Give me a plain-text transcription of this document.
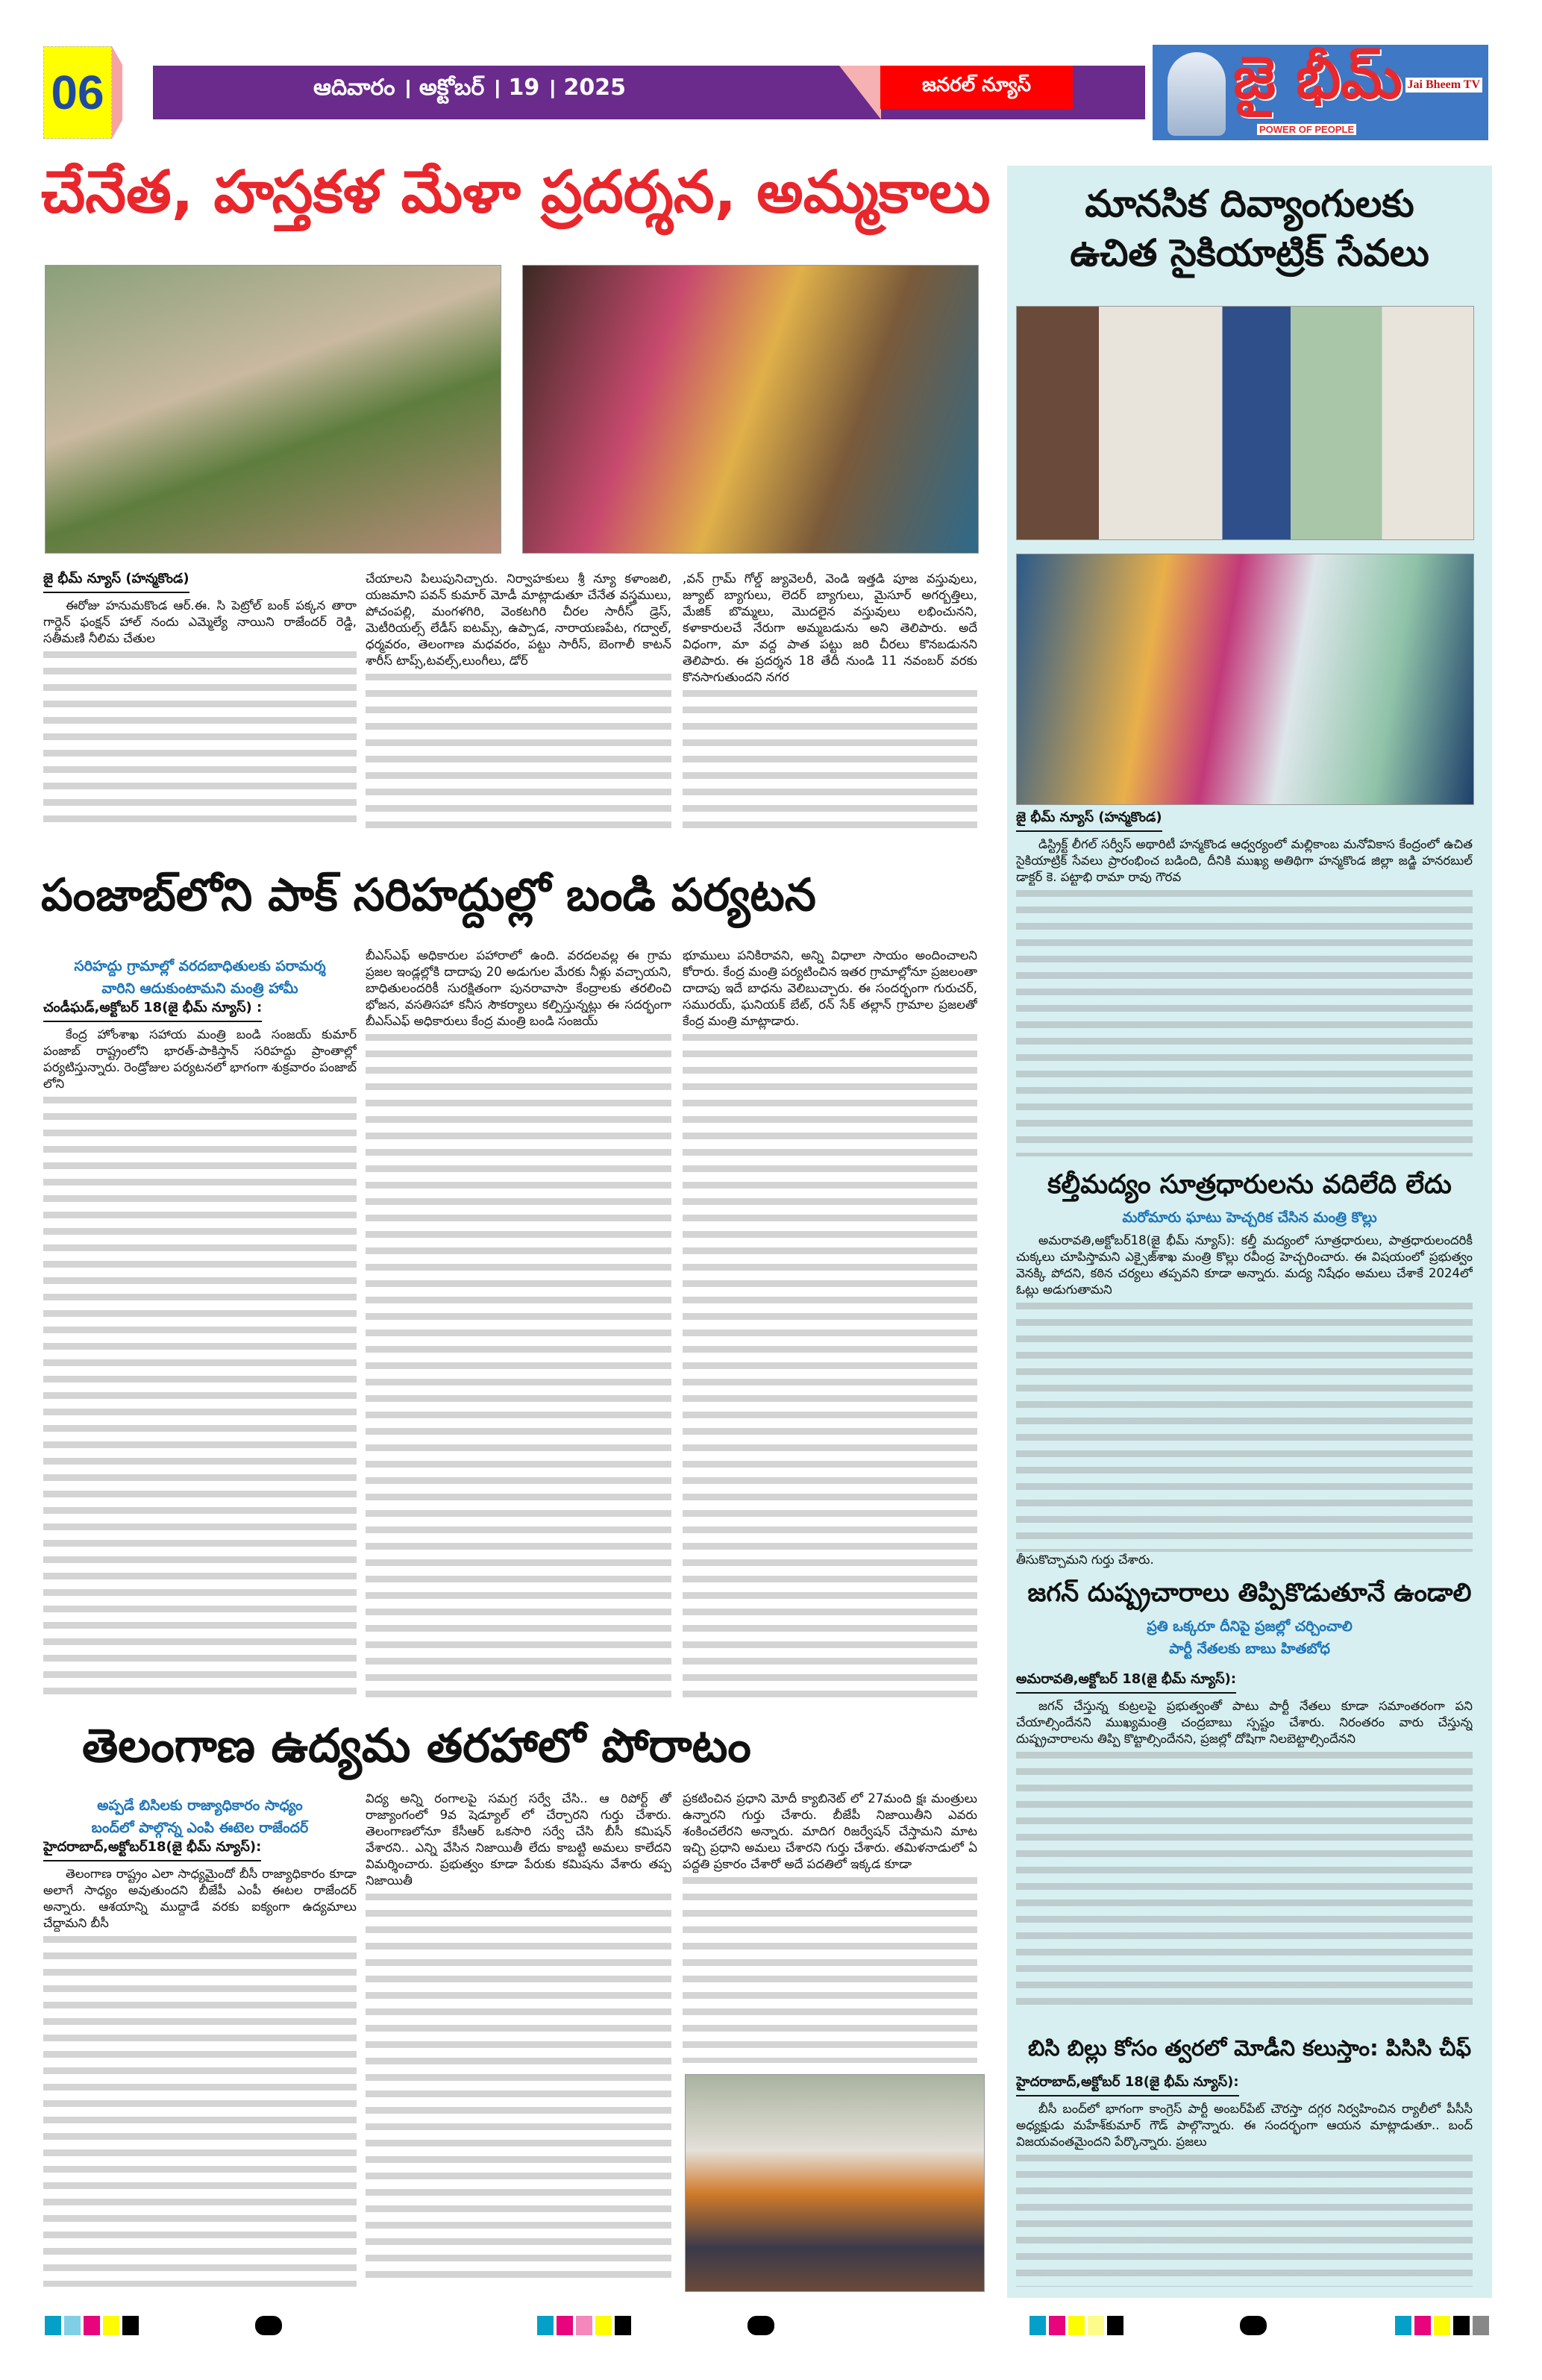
06	ఆదివారం । అక్టోబర్ । 19 । 2025	జనరల్ న్యూస్	జై భీమ్
POWER OF PEOPLE
Jai Bheem TV
చేనేత, హస్తకళ మేళా ప్రదర్శన, అమ్మకాలు
జై భీమ్ న్యూస్ (హన్మకొండ)

ఈరోజు హనుమకొండ ఆర్.ఈ. సి పెట్రోల్ బంక్ పక్కన తారా గార్డెన్ ఫంక్షన్ హాల్ నందు ఎమ్మెల్యే నాయిని రాజేందర్ రెడ్డి, సతీమణి నీలిమ చేతుల

చేయాలని పిలుపునిచ్చారు. నిర్వాహకులు శ్రీ న్యూ కళాంజలి, యజమాని పవన్ కుమార్ మోడీ మాట్లాడుతూ చేనేత వస్త్రములు, పోచంపల్లి, మంగళగిరి, వెంకటగిరి చీరల సారీస్ డ్రెస్, మెటీరియల్స్ లేడీస్ ఐటమ్స్, ఉప్పాడ, నారాయణపేట, గద్వాల్, ధర్మవరం, తెలంగాణ మధవరం, పట్టు సారీస్, బెంగాలీ కాటన్ శారీస్ టాప్స్,టవల్స్,లుంగీలు, డోర్

,వన్ గ్రామ్ గోల్డ్ జ్యువెలరీ, వెండి ఇత్తడి పూజ వస్తువులు, జ్యూట్ బ్యాగులు, లెదర్ బ్యాగులు, మైసూర్ అగర్బత్తిలు, మేజిక్ బొమ్మలు, మొదలైన వస్తువులు లభించునని, కళాకారులచే నేరుగా అమ్మబడును అని తెలిపారు. అదే విధంగా, మా వద్ద పాత పట్టు జరి చీరలు కొనబడునని తెలిపారు. ఈ ప్రదర్శన 18 తేదీ నుండి 11 నవంబర్ వరకు కొనసాగుతుందని నగర

పంజాబ్‌లోని పాక్ సరిహద్దుల్లో బండి పర్యటన
సరిహద్దు గ్రామాల్లో వరదబాధితులకు పరామర్శ
వారిని ఆదుకుంటామని మంత్రి హామీ
చండీఘడ్,అక్టోబర్ 18(జై భీమ్ న్యూస్) :

కేంద్ర హోంశాఖ సహాయ మంత్రి బండి సంజయ్ కుమార్ పంజాబ్ రాష్ట్రంలోని భారత్-పాకిస్తాన్ సరిహద్దు ప్రాంతాల్లో పర్యటిస్తున్నారు. రెండ్రోజుల పర్యటనలో భాగంగా శుక్రవారం పంజాబ్ లోని

బీఎస్ఎఫ్ అధికారుల పహారాలో ఉంది. వరదలవల్ల ఈ గ్రామ ప్రజల ఇండ్లల్లోకి దాదాపు 20 అడుగుల మేరకు నీళ్లు వచ్చాయని, బాధితులందరికీ సురక్షితంగా పునరావాసా కేంద్రాలకు తరలించి భోజన, వసతిసహా కనీస సౌకర్యాలు కల్పిస్తున్నట్లు ఈ సదర్భంగా బీఎస్ఎఫ్ అధికారులు కేంద్ర మంత్రి బండి సంజయ్

భూములు పనికిరావని, అన్ని విధాలా సాయం అందించాలని కోరారు. కేంద్ర మంత్రి పర్యటించిన ఇతర గ్రామాల్లోనూ ప్రజలంతా దాదాపు ఇదే బాధను వెలిబుచ్చారు. ఈ సందర్భంగా గురుచర్, సమురయ్, ఘనియక్ బేట్, రన్ సేక్ తల్లాన్ గ్రామాల ప్రజలతో కేంద్ర మంత్రి మాట్లాడారు.

తెలంగాణ ఉద్యమ తరహాలో పోరాటం
అప్పడే బిసిలకు రాజ్యాధికారం సాధ్యం
బంద్‌లో పాల్గొన్న ఎంపి ఈటెల రాజేందర్
హైదరాబాద్,అక్టోబర్18(జై భీమ్ న్యూస్):

తెలంగాణ రాష్ట్రం ఎలా సాధ్యమైందో బీసీ రాజ్యాధికారం కూడా అలాగే సాధ్యం అవుతుందని బీజేపీ ఎంపీ ఈటల రాజేందర్ అన్నారు. ఆశయాన్ని ముద్దాడే వరకు ఐక్యంగా ఉద్యమాలు చేద్దామని బీసీ

విద్య అన్ని రంగాలపై సమగ్ర సర్వే చేసి.. ఆ రిపోర్ట్ తో రాజ్యాంగంలో 9వ షెడ్యూల్ లో చేర్చారని గుర్తు చేశారు. తెలంగాణలోనూ కేసీఆర్ ఒకసారి సర్వే చేసి బీసీ కమిషన్ వేశారని.. ఎన్ని వేసిన నిజాయితీ లేదు కాబట్టి అమలు కాలేదని విమర్శించారు. ప్రభుత్వం కూడా పేరుకు కమిషను వేశారు తప్ప నిజాయితీ

ప్రకటించిన ప్రధాని మోదీ క్యాబినెట్ లో 27మంది క్షః మంత్రులు ఉన్నారని గుర్తు చేశారు. బీజేపీ నిజాయితీని ఎవరు శంకించలేరని అన్నారు. మాదిగ రిజర్వేషన్ చేస్తామని మాట ఇచ్చి ప్రధాని అమలు చేశారని గుర్తు చేశారు. తమిళనాడులో ఏ పద్ధతి ప్రకారం చేశారో అదే పదతిలో ఇక్కడ కూడా

మానసిక దివ్యాంగులకు
ఉచిత సైకియాట్రిక్ సేవలు
జై భీమ్ న్యూస్ (హన్మకొండ)

డిస్ట్రిక్ట్ లీగల్ సర్వీస్ అథారిటీ హన్మకొండ ఆధ్వర్యంలో మల్లికాంబ మనోవికాస కేంద్రంలో ఉచిత సైకియాట్రిక్ సేవలు ప్రారంభించ బడింది, దీనికి ముఖ్య అతిథిగా హన్మకొండ జిల్లా జడ్జి హనరబుల్ డాక్టర్ కె. పట్టాభి రామా రావు గౌరవ

కల్తీమద్యం సూత్రధారులను వదిలేది లేదు
మరోమారు ఘాటు హెచ్చరిక చేసిన మంత్రి కొల్లు

అమరావతి,అక్టోబర్18(జై భీమ్ న్యూస్): కల్తీ మద్యంలో సూత్రధారులు, పాత్రధారులందరికీ చుక్కలు చూపిస్తామని ఎక్సైజ్‌శాఖ మంత్రి కొల్లు రవీంద్ర హెచ్చరించారు. ఈ విషయంలో ప్రభుత్వం వెనక్కి పోదని, కఠిన చర్యలు తప్పవని కూడా అన్నారు. మద్య నిషేధం అమలు చేశాకే 2024లో ఓట్లు అడుగుతామని

తీసుకొచ్చామని గుర్తు చేశారు.

జగన్ దుష్ప్రచారాలు తిప్పికొడుతూనే ఉండాలి
ప్రతి ఒక్కరూ దీనిపై ప్రజల్లో చర్చించాలి
పార్టీ నేతలకు బాబు హితబోధ
అమరావతి,అక్టోబర్ 18(జై భీమ్ న్యూస్):

జగన్ చేస్తున్న కుట్రలపై ప్రభుత్వంతో పాటు పార్టీ నేతలు కూడా సమాంతరంగా పని చేయాల్సిందేనని ముఖ్యమంత్రి చంద్రబాబు స్పష్టం చేశారు. నిరంతరం వారు చేస్తున్న దుష్ప్రచారాలను తిప్పి కొట్టాల్సిందేనని, ప్రజల్లో దోషిగా నిలబెట్టాల్సిందేనని

బిసి బిల్లు కోసం త్వరలో మోడీని కలుస్తాం: పిసిసి చీఫ్
హైదరాబాద్,అక్టోబర్ 18(జై భీమ్ న్యూస్):

బీసీ బంద్‌లో భాగంగా కాంగ్రెస్ పార్టీ అంబర్‌పేట్ చౌరస్తా దగ్గర నిర్వహించిన ర్యాలీలో పీసీసీ అధ్యక్షుడు మహేశ్‌కుమార్ గౌడ్ పాల్గొన్నారు. ఈ సందర్భంగా ఆయన మాట్లాడుతూ.. బంద్ విజయవంతమైందని పేర్కొన్నారు. ప్రజలు
